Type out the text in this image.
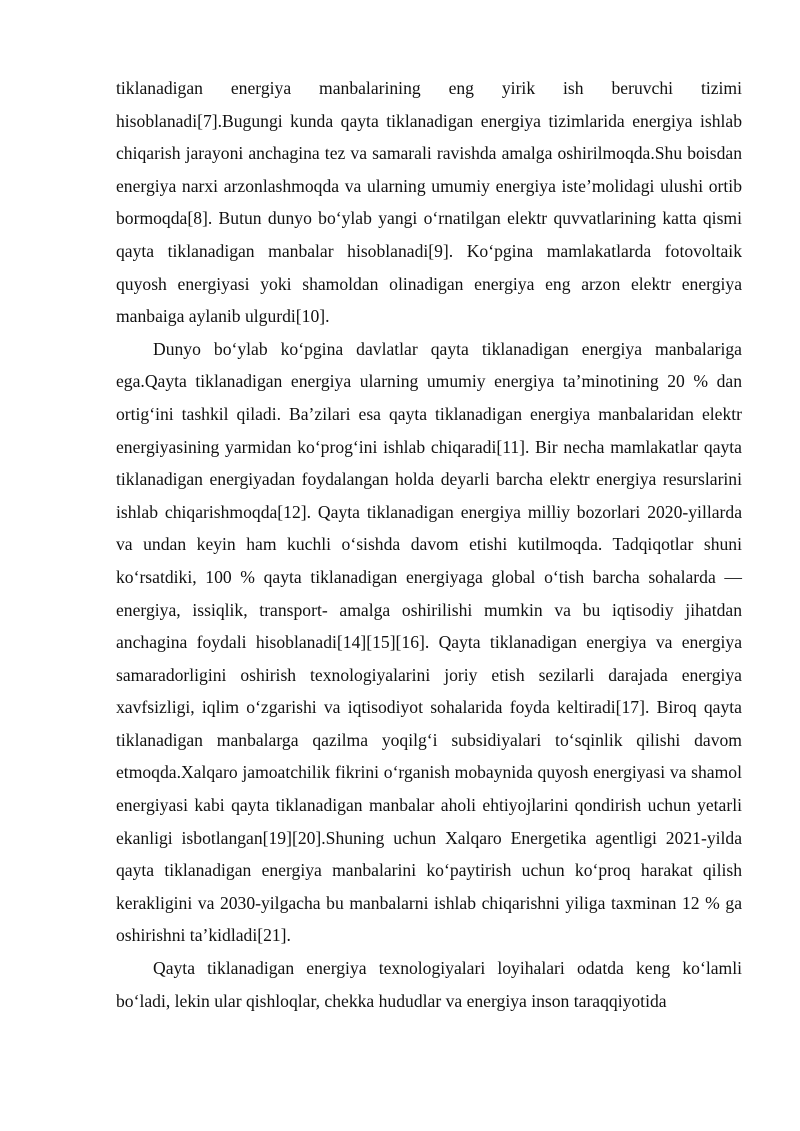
tiklanadigan energiya manbalarining eng yirik ish beruvchi tizimi hisoblanadi[7].Bugungi kunda qayta tiklanadigan energiya tizimlarida energiya ishlab chiqarish jarayoni anchagina tez va samarali ravishda amalga oshirilmoqda.Shu boisdan energiya narxi arzonlashmoqda va ularning umumiy energiya iste’molidagi ulushi ortib bormoqda[8]. Butun dunyo bo‘ylab yangi o‘rnatilgan elektr quvvatlarining katta qismi qayta tiklanadigan manbalar hisoblanadi[9]. Ko‘pgina mamlakatlarda fotovoltaik quyosh energiyasi yoki shamoldan olinadigan energiya eng arzon elektr energiya manbaiga aylanib ulgurdi[10].

Dunyo bo‘ylab ko‘pgina davlatlar qayta tiklanadigan energiya manbalariga ega.Qayta tiklanadigan energiya ularning umumiy energiya ta’minotining 20 % dan ortig‘ini tashkil qiladi. Ba’zilari esa qayta tiklanadigan energiya manbalaridan elektr energiyasining yarmidan ko‘prog‘ini ishlab chiqaradi[11]. Bir necha mamlakatlar qayta tiklanadigan energiyadan foydalangan holda deyarli barcha elektr energiya resurslarini ishlab chiqarishmoqda[12]. Qayta tiklanadigan energiya milliy bozorlari 2020-yillarda va undan keyin ham kuchli o‘sishda davom etishi kutilmoqda. Tadqiqotlar shuni ko‘rsatdiki, 100 % qayta tiklanadigan energiyaga global o‘tish barcha sohalarda — energiya, issiqlik, transport- amalga oshirilishi mumkin va bu iqtisodiy jihatdan anchagina foydali hisoblanadi[14][15][16]. Qayta tiklanadigan energiya va energiya samaradorligini oshirish texnologiyalarini joriy etish sezilarli darajada energiya xavfsizligi, iqlim o‘zgarishi va iqtisodiyot sohalarida foyda keltiradi[17]. Biroq qayta tiklanadigan manbalarga qazilma yoqilg‘i subsidiyalari to‘sqinlik qilishi davom etmoqda.Xalqaro jamoatchilik fikrini o‘rganish mobaynida quyosh energiyasi va shamol energiyasi kabi qayta tiklanadigan manbalar aholi ehtiyojlarini qondirish uchun yetarli ekanligi isbotlangan[19][20].Shuning uchun Xalqaro Energetika agentligi 2021-yilda qayta tiklanadigan energiya manbalarini ko‘paytirish uchun ko‘proq harakat qilish kerakligini va 2030-yilgacha bu manbalarni ishlab chiqarishni yiliga taxminan 12 % ga oshirishni ta’kidladi[21].

Qayta tiklanadigan energiya texnologiyalari loyihalari odatda keng ko‘lamli bo‘ladi, lekin ular qishloqlar, chekka hududlar va energiya inson taraqqiyotida
